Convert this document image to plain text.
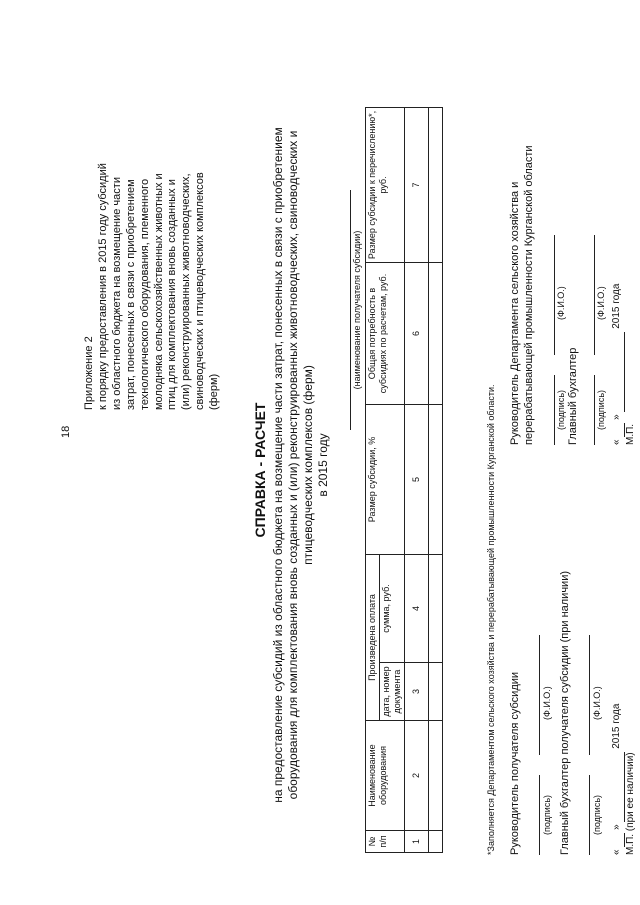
18
Приложение 2 к порядку предоставления в 2015 году субсидий из областного бюджета на возмещение части затрат, понесенных в связи с приобретением технологического оборудования, племенного молодняка сельскохозяйственных животных и птиц для комплектования вновь созданных и (или) реконструированных животноводческих, свиноводческих и птицеводческих комплексов (ферм)
СПРАВКА - РАСЧЕТ на предоставление субсидий из областного бюджета на возмещение части затрат, понесенных в связи с приобретением оборудования для комплектования вновь созданных и (или) реконструированных животноводческих, свиноводческих и птицеводческих комплексов (ферм) в 2015 году
(наименование получателя субсидии)
№ п/п	Наименование оборудования	Произведена оплата		Размер субсидии, %	Общая потребность в субсидиях по расчетам, руб.	Размер субсидии к перечислению*, руб.
		дата, номер документа	сумма, руб.			
1	2	3	4	5	6	7

*Заполняется Департаментом сельского хозяйства и перерабатывающей промышленности Курганской области. Руководитель получателя субсидии (подпись)
(Ф.И.О.) Главный бухгалтер получателя субсидии (при наличии) (подпись)
(Ф.И.О.)
«   »   2015 года
М.П. (при ее наличии)
Руководитель Департамента сельского хозяйства и перерабатывающей промышленности Курганской области (подпись)
(Ф.И.О.)
Главный бухгалтер (подпись)
(Ф.И.О.)
«   »   2015 года
М.П.
